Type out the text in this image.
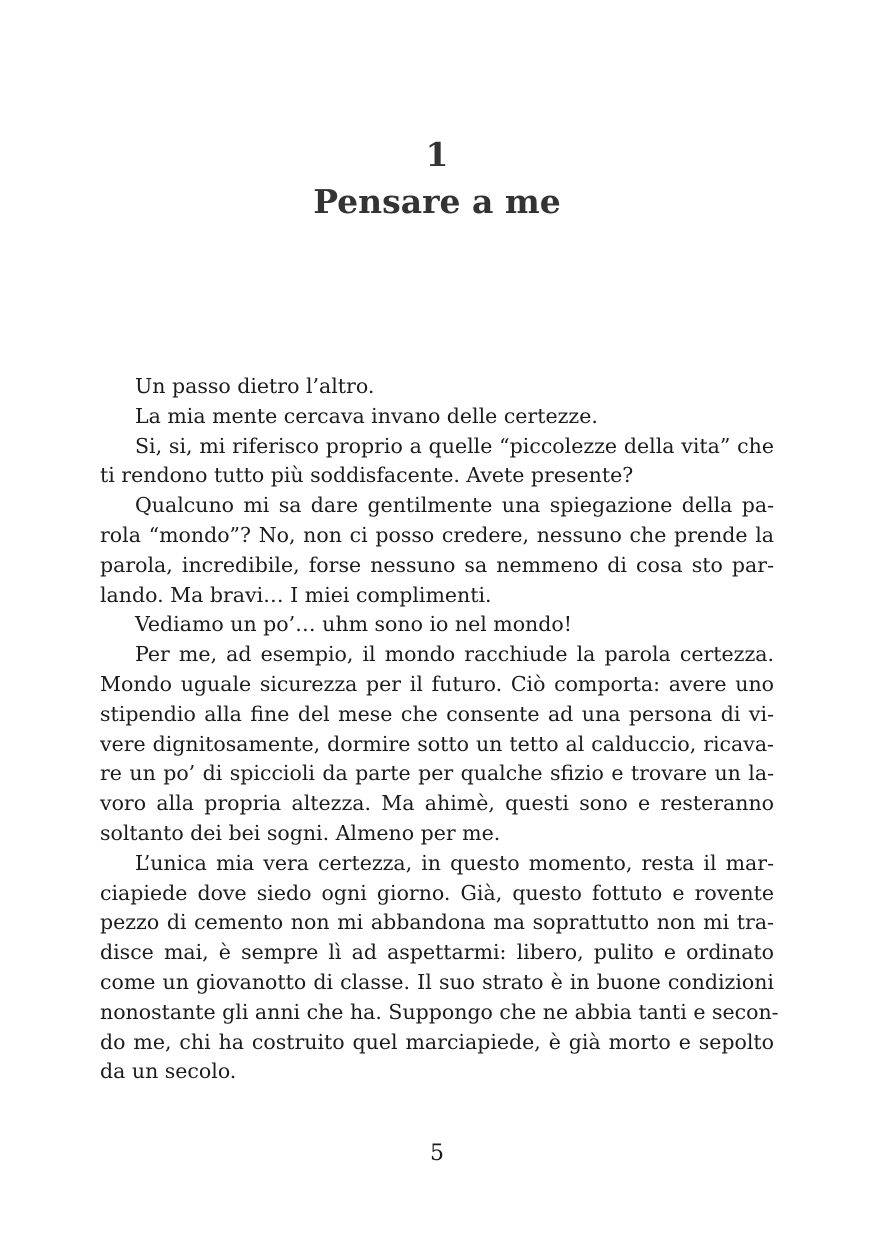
1
Pensare a me
Un passo dietro l’altro.
La mia mente cercava invano delle certezze.
Si, si, mi riferisco proprio a quelle “piccolezze della vita” che
ti rendono tutto più soddisfacente. Avete presente?
Qualcuno mi sa dare gentilmente una spiegazione della pa-
rola “mondo”? No, non ci posso credere, nessuno che prende la
parola, incredibile, forse nessuno sa nemmeno di cosa sto par-
lando. Ma bravi… I miei complimenti.
Vediamo un po’… uhm sono io nel mondo!
Per me, ad esempio, il mondo racchiude la parola certezza.
Mondo uguale sicurezza per il futuro. Ciò comporta: avere uno
stipendio alla fine del mese che consente ad una persona di vi-
vere dignitosamente, dormire sotto un tetto al calduccio, ricava-
re un po’ di spiccioli da parte per qualche sfizio e trovare un la-
voro alla propria altezza. Ma ahimè, questi sono e resteranno
soltanto dei bei sogni. Almeno per me.
L’unica mia vera certezza, in questo momento, resta il mar-
ciapiede dove siedo ogni giorno. Già, questo fottuto e rovente
pezzo di cemento non mi abbandona ma soprattutto non mi tra-
disce mai, è sempre lì ad aspettarmi: libero, pulito e ordinato
come un giovanotto di classe. Il suo strato è in buone condizioni
nonostante gli anni che ha. Suppongo che ne abbia tanti e secon-
do me, chi ha costruito quel marciapiede, è già morto e sepolto
da un secolo.
5
